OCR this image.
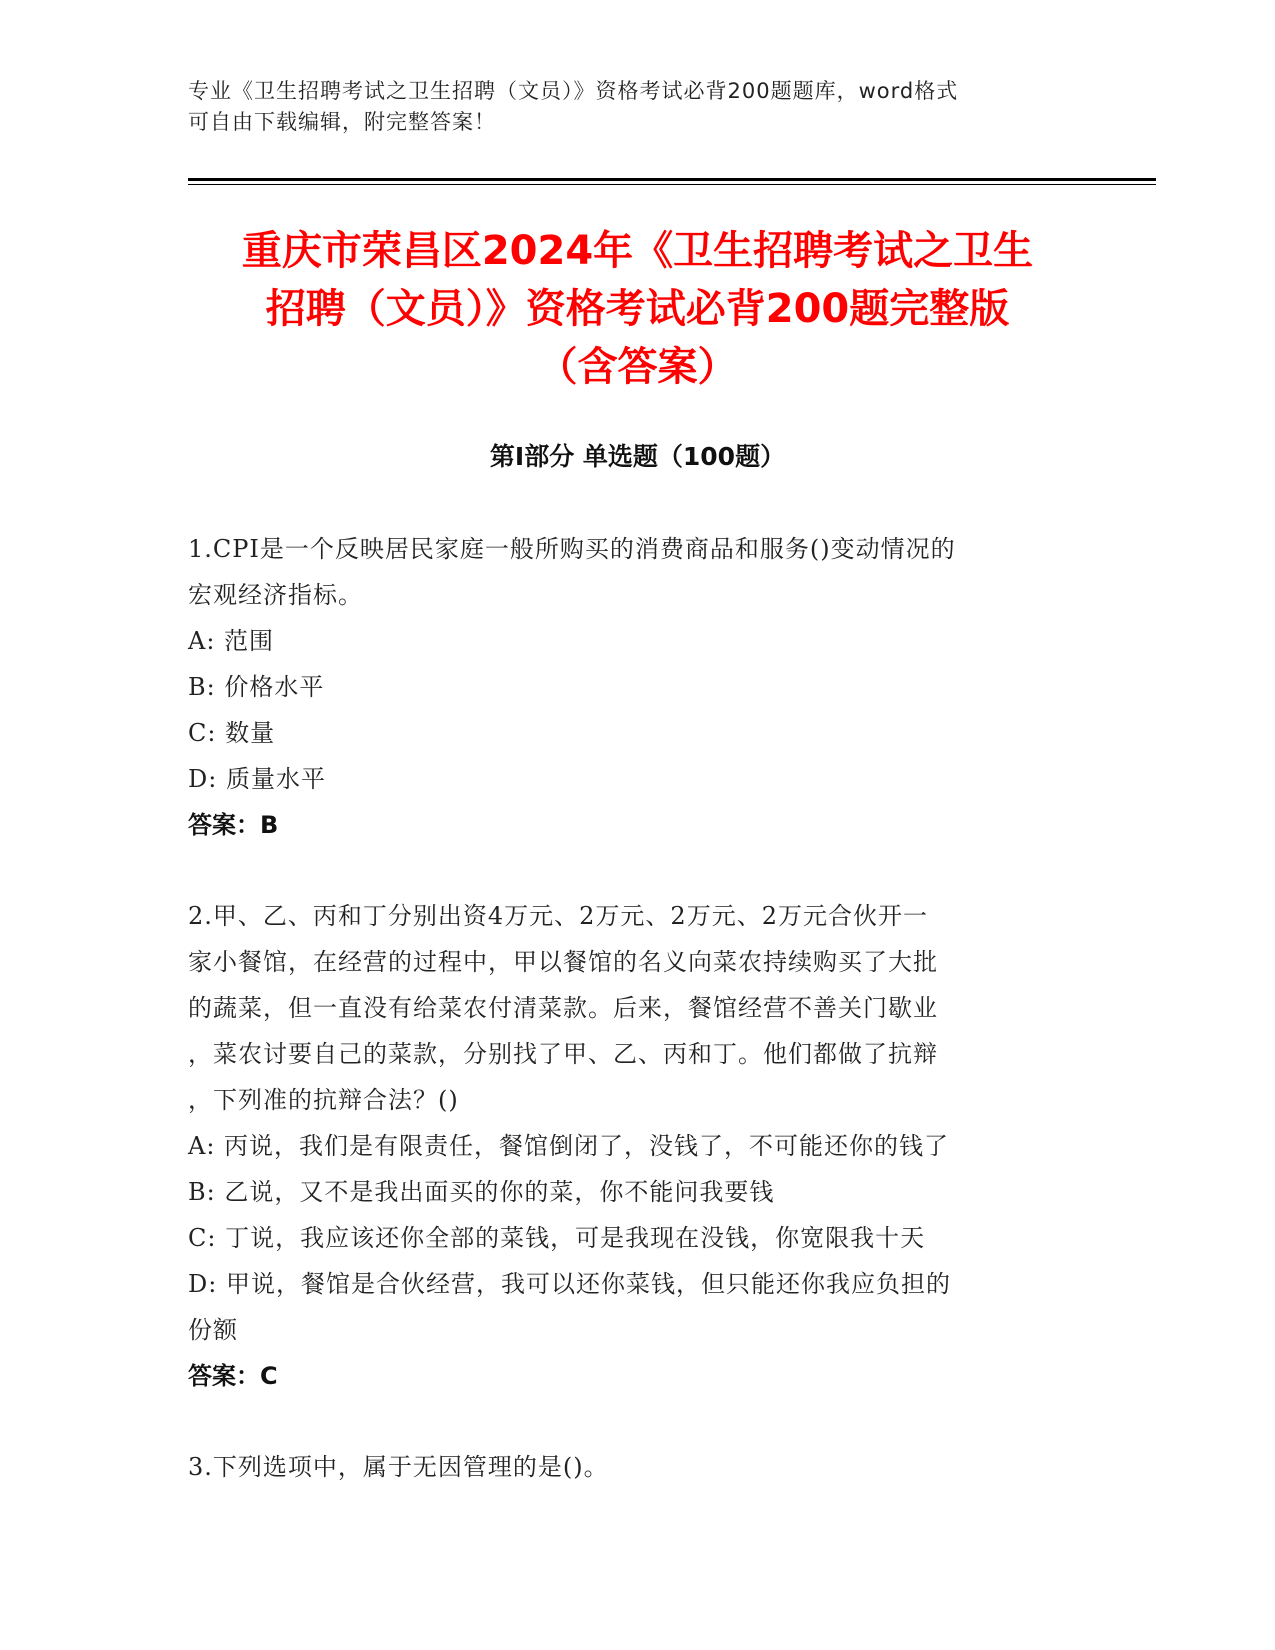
专业《卫生招聘考试之卫生招聘（文员）》资格考试必背200题题库，word格式
可自由下载编辑，附完整答案！
重庆市荣昌区2024年《卫生招聘考试之卫生
招聘（文员）》资格考试必背200题完整版
（含答案）
第Ⅰ部分 单选题（100题）
1.CPI是一个反映居民家庭一般所购买的消费商品和服务()变动情况的
宏观经济指标。
A: 范围
B: 价格水平
C: 数量
D: 质量水平
答案：B
2.甲、乙、丙和丁分别出资4万元、2万元、2万元、2万元合伙开一
家小餐馆，在经营的过程中，甲以餐馆的名义向菜农持续购买了大批
的蔬菜，但一直没有给菜农付清菜款。后来，餐馆经营不善关门歇业
，菜农讨要自己的菜款，分别找了甲、乙、丙和丁。他们都做了抗辩
，下列准的抗辩合法？()
A: 丙说，我们是有限责任，餐馆倒闭了，没钱了，不可能还你的钱了
B: 乙说，又不是我出面买的你的菜，你不能问我要钱
C: 丁说，我应该还你全部的菜钱，可是我现在没钱，你宽限我十天
D: 甲说，餐馆是合伙经营，我可以还你菜钱，但只能还你我应负担的
份额
答案：C
3.下列选项中，属于无因管理的是()。
